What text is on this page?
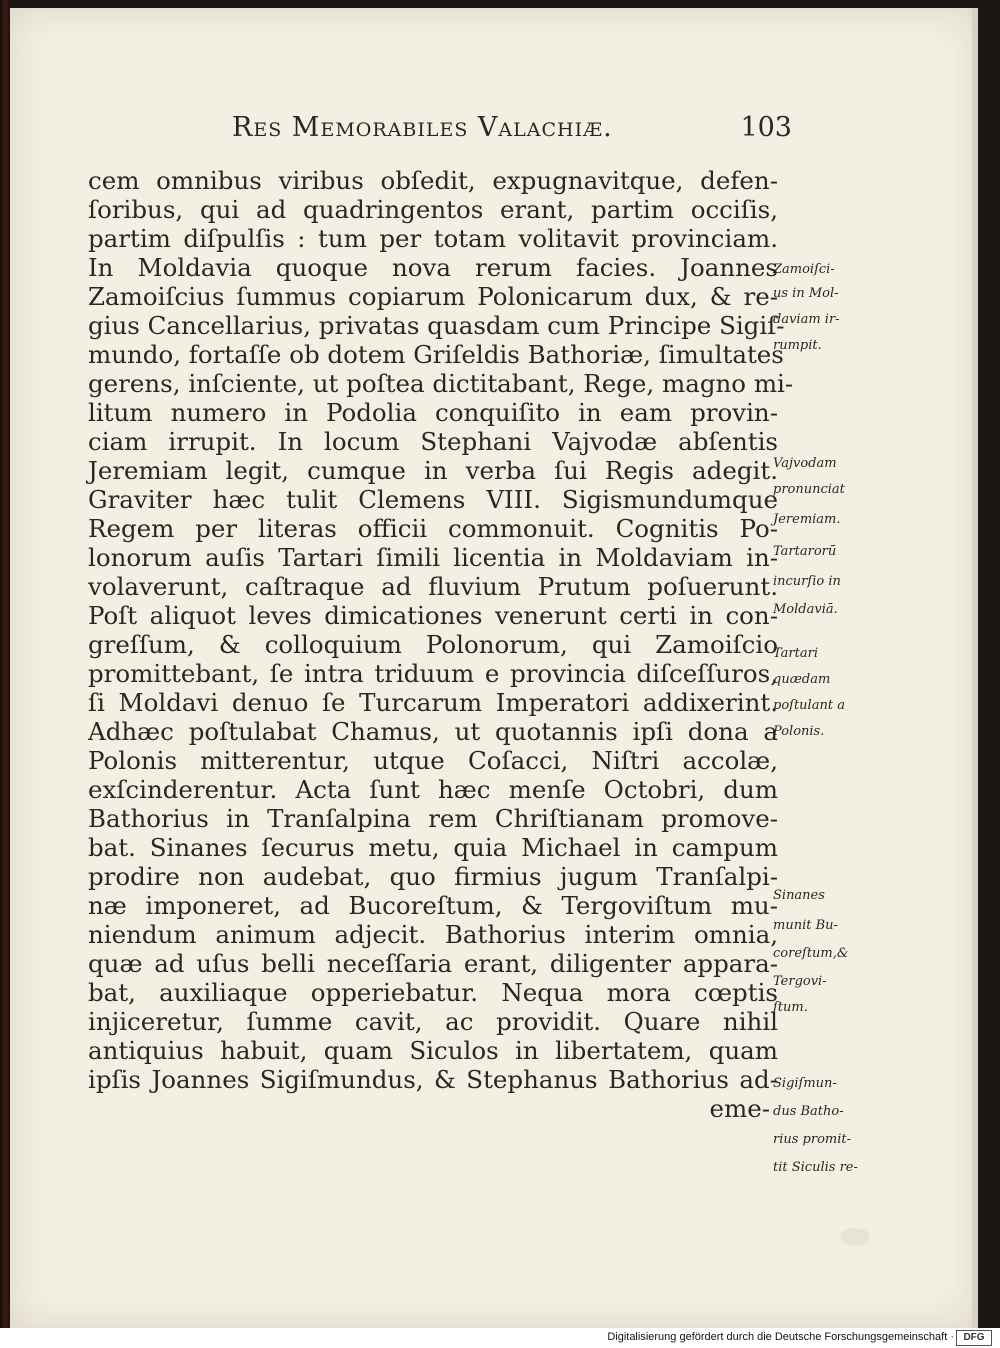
Res Memorabiles Valachiæ.	103
cem omnibus viribus obſedit, expugnavitque, defen-
ſoribus, qui ad quadringentos erant, partim occiſis,
partim diſpulſis : tum per totam volitavit provinciam.
In Moldavia quoque nova rerum facies. Joannes
Zamoiſcius ſummus copiarum Polonicarum dux, & re-
gius Cancellarius, privatas quasdam cum Principe Sigiſ-
mundo, fortaſſe ob dotem Griſeldis Bathoriæ, ſimultates
gerens, inſciente, ut poſtea dictitabant, Rege, magno mi-
litum numero in Podolia conquiſito in eam provin-
ciam irrupit. In locum Stephani Vajvodæ abſentis
Jeremiam legit, cumque in verba ſui Regis adegit.
Graviter hæc tulit Clemens VIII. Sigismundumque
Regem per literas officii commonuit. Cognitis Po-
lonorum auſis Tartari ſimili licentia in Moldaviam in-
volaverunt, caſtraque ad fluvium Prutum poſuerunt.
Poſt aliquot leves dimicationes venerunt certi in con-
greſſum, & colloquium Polonorum, qui Zamoiſcio
promittebant, ſe intra triduum e provincia diſceſſuros,
ſi Moldavi denuo ſe Turcarum Imperatori addixerint.
Adhæc poſtulabat Chamus, ut quotannis ipſi dona a
Polonis mitterentur, utque Coſacci, Niſtri accolæ,
exſcinderentur. Acta ſunt hæc menſe Octobri, dum
Bathorius in Tranſalpina rem Chriſtianam promove-
bat. Sinanes ſecurus metu, quia Michael in campum
prodire non audebat, quo firmius jugum Tranſalpi-
næ imponeret, ad Bucoreſtum, & Tergoviſtum mu-
niendum animum adjecit. Bathorius interim omnia,
quæ ad uſus belli neceſſaria erant, diligenter appara-
bat, auxiliaque opperiebatur. Nequa mora cœptis
injiceretur, ſumme cavit, ac providit. Quare nihil
antiquius habuit, quam Siculos in libertatem, quam
ipſis Joannes Sigiſmundus, & Stephanus Bathorius ad-
eme-
Zamoiſci-
us in Mol-
daviam ir-
rumpit.
Vajvodam
pronunciat
Jeremiam.
Tartarorū
incurſio in
Moldaviā.
Tartari
quædam
poſtulant a
Polonis.
Sinanes
munit Bu-
coreſtum,&
Tergovi-
ſtum.
Sigiſmun-
dus Batho-
rius promit-
tit Siculis re-
Digitalisierung gefördert durch die Deutsche Forschungsgemeinschaft · DFG
